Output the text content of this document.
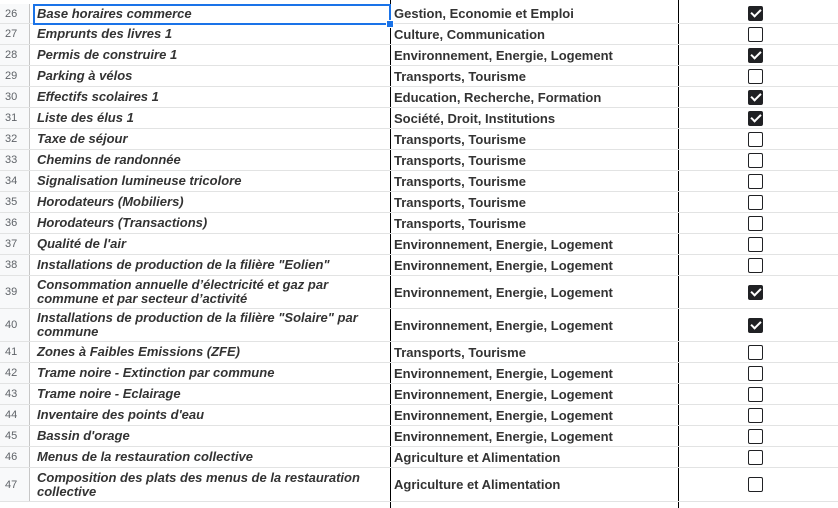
26	Base horaires commerce	Gestion, Economie et Emploi
27	Emprunts des livres 1	Culture, Communication
28	Permis de construire 1	Environnement, Energie, Logement
29	Parking à vélos	Transports, Tourisme
30	Effectifs scolaires 1	Education, Recherche, Formation
31	Liste des élus 1	Société, Droit, Institutions
32	Taxe de séjour	Transports, Tourisme
33	Chemins de randonnée	Transports, Tourisme
34	Signalisation lumineuse tricolore	Transports, Tourisme
35	Horodateurs (Mobiliers)	Transports, Tourisme
36	Horodateurs (Transactions)	Transports, Tourisme
37	Qualité de l'air	Environnement, Energie, Logement
38	Installations de production de la filière "Eolien"	Environnement, Energie, Logement
39	Consommation annuelle d’électricité et gaz par commune et par secteur d’activité	Environnement, Energie, Logement
40	Installations de production de la filière "Solaire" par commune	Environnement, Energie, Logement
41	Zones à Faibles Emissions (ZFE)	Transports, Tourisme
42	Trame noire - Extinction par commune	Environnement, Energie, Logement
43	Trame noire - Eclairage	Environnement, Energie, Logement
44	Inventaire des points d'eau	Environnement, Energie, Logement
45	Bassin d'orage	Environnement, Energie, Logement
46	Menus de la restauration collective	Agriculture et Alimentation
47	Composition des plats des menus de la restauration collective	Agriculture et Alimentation
